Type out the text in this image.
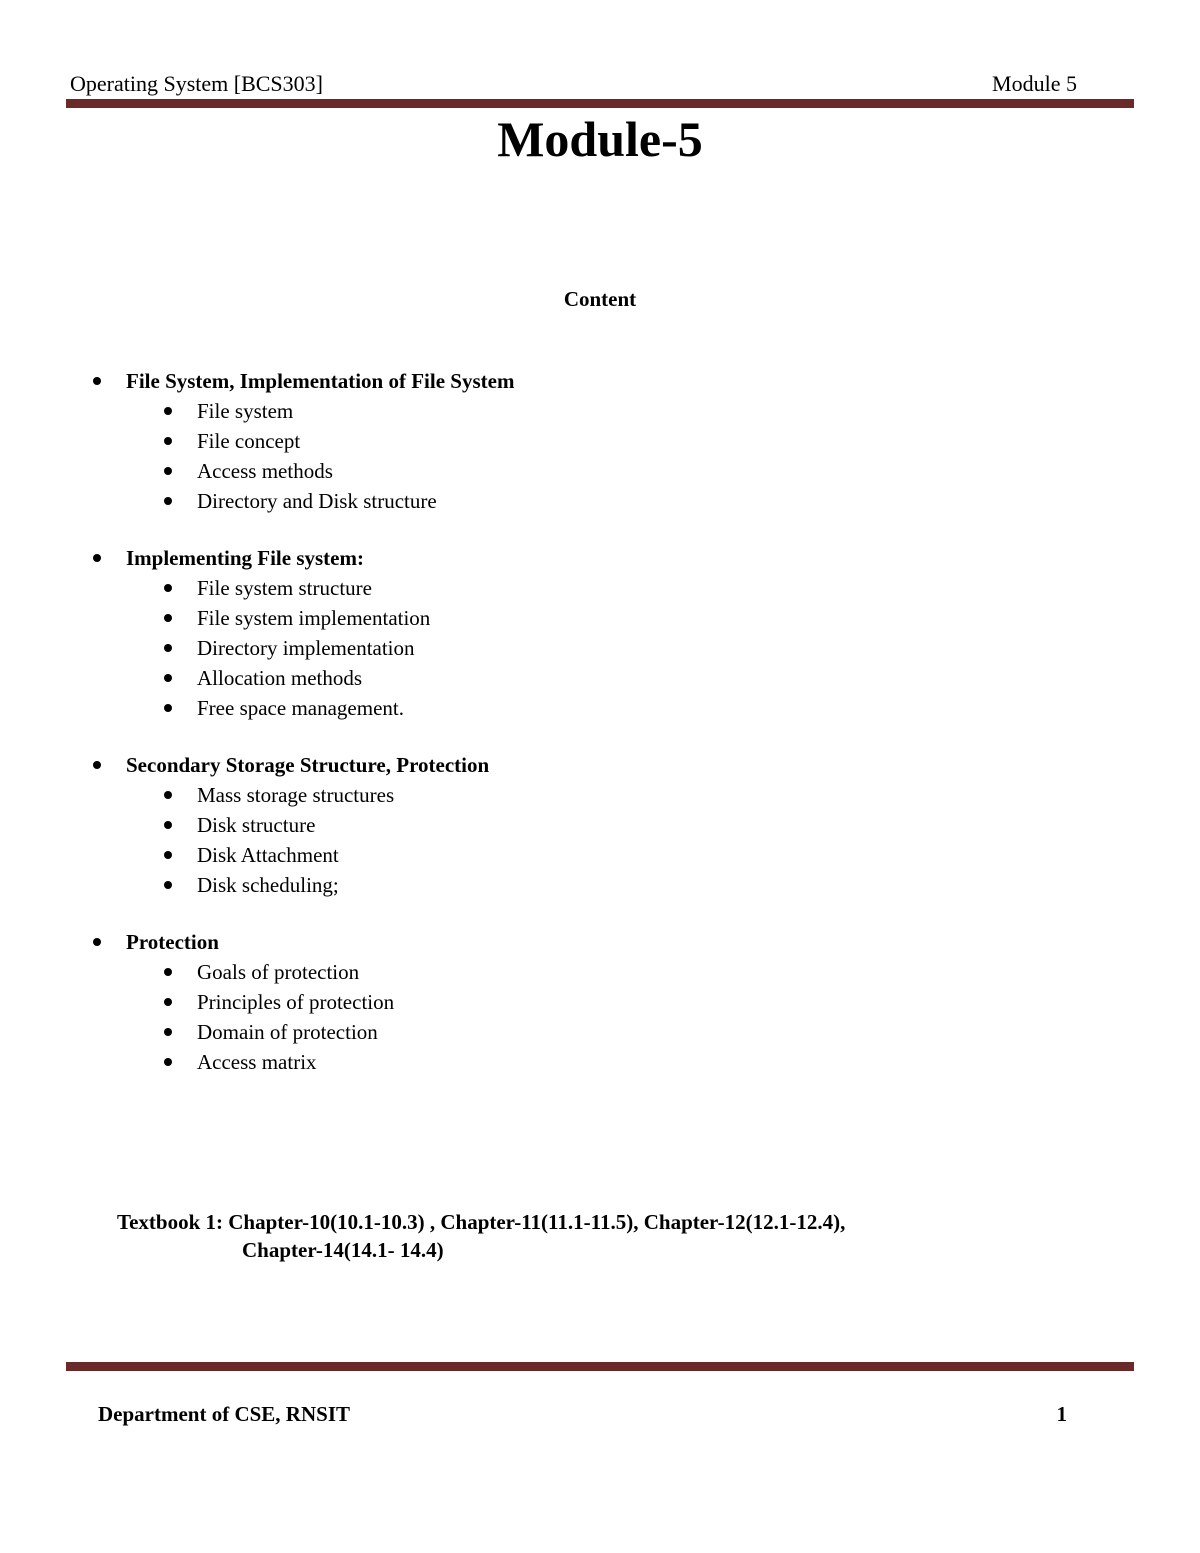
Operating System [BCS303]	Module 5
Module-5
Content
File System, Implementation of File System
File system
File concept
Access methods
Directory and Disk structure
Implementing File system:
File system structure
File system implementation
Directory implementation
Allocation methods
Free space management.
Secondary Storage Structure, Protection
Mass storage structures
Disk structure
Disk Attachment
Disk scheduling;
Protection
Goals of protection
Principles of protection
Domain of protection
Access matrix
Textbook 1: Chapter-10(10.1-10.3) , Chapter-11(11.1-11.5), Chapter-12(12.1-12.4),
Chapter-14(14.1- 14.4)
Department of CSE, RNSIT	1
